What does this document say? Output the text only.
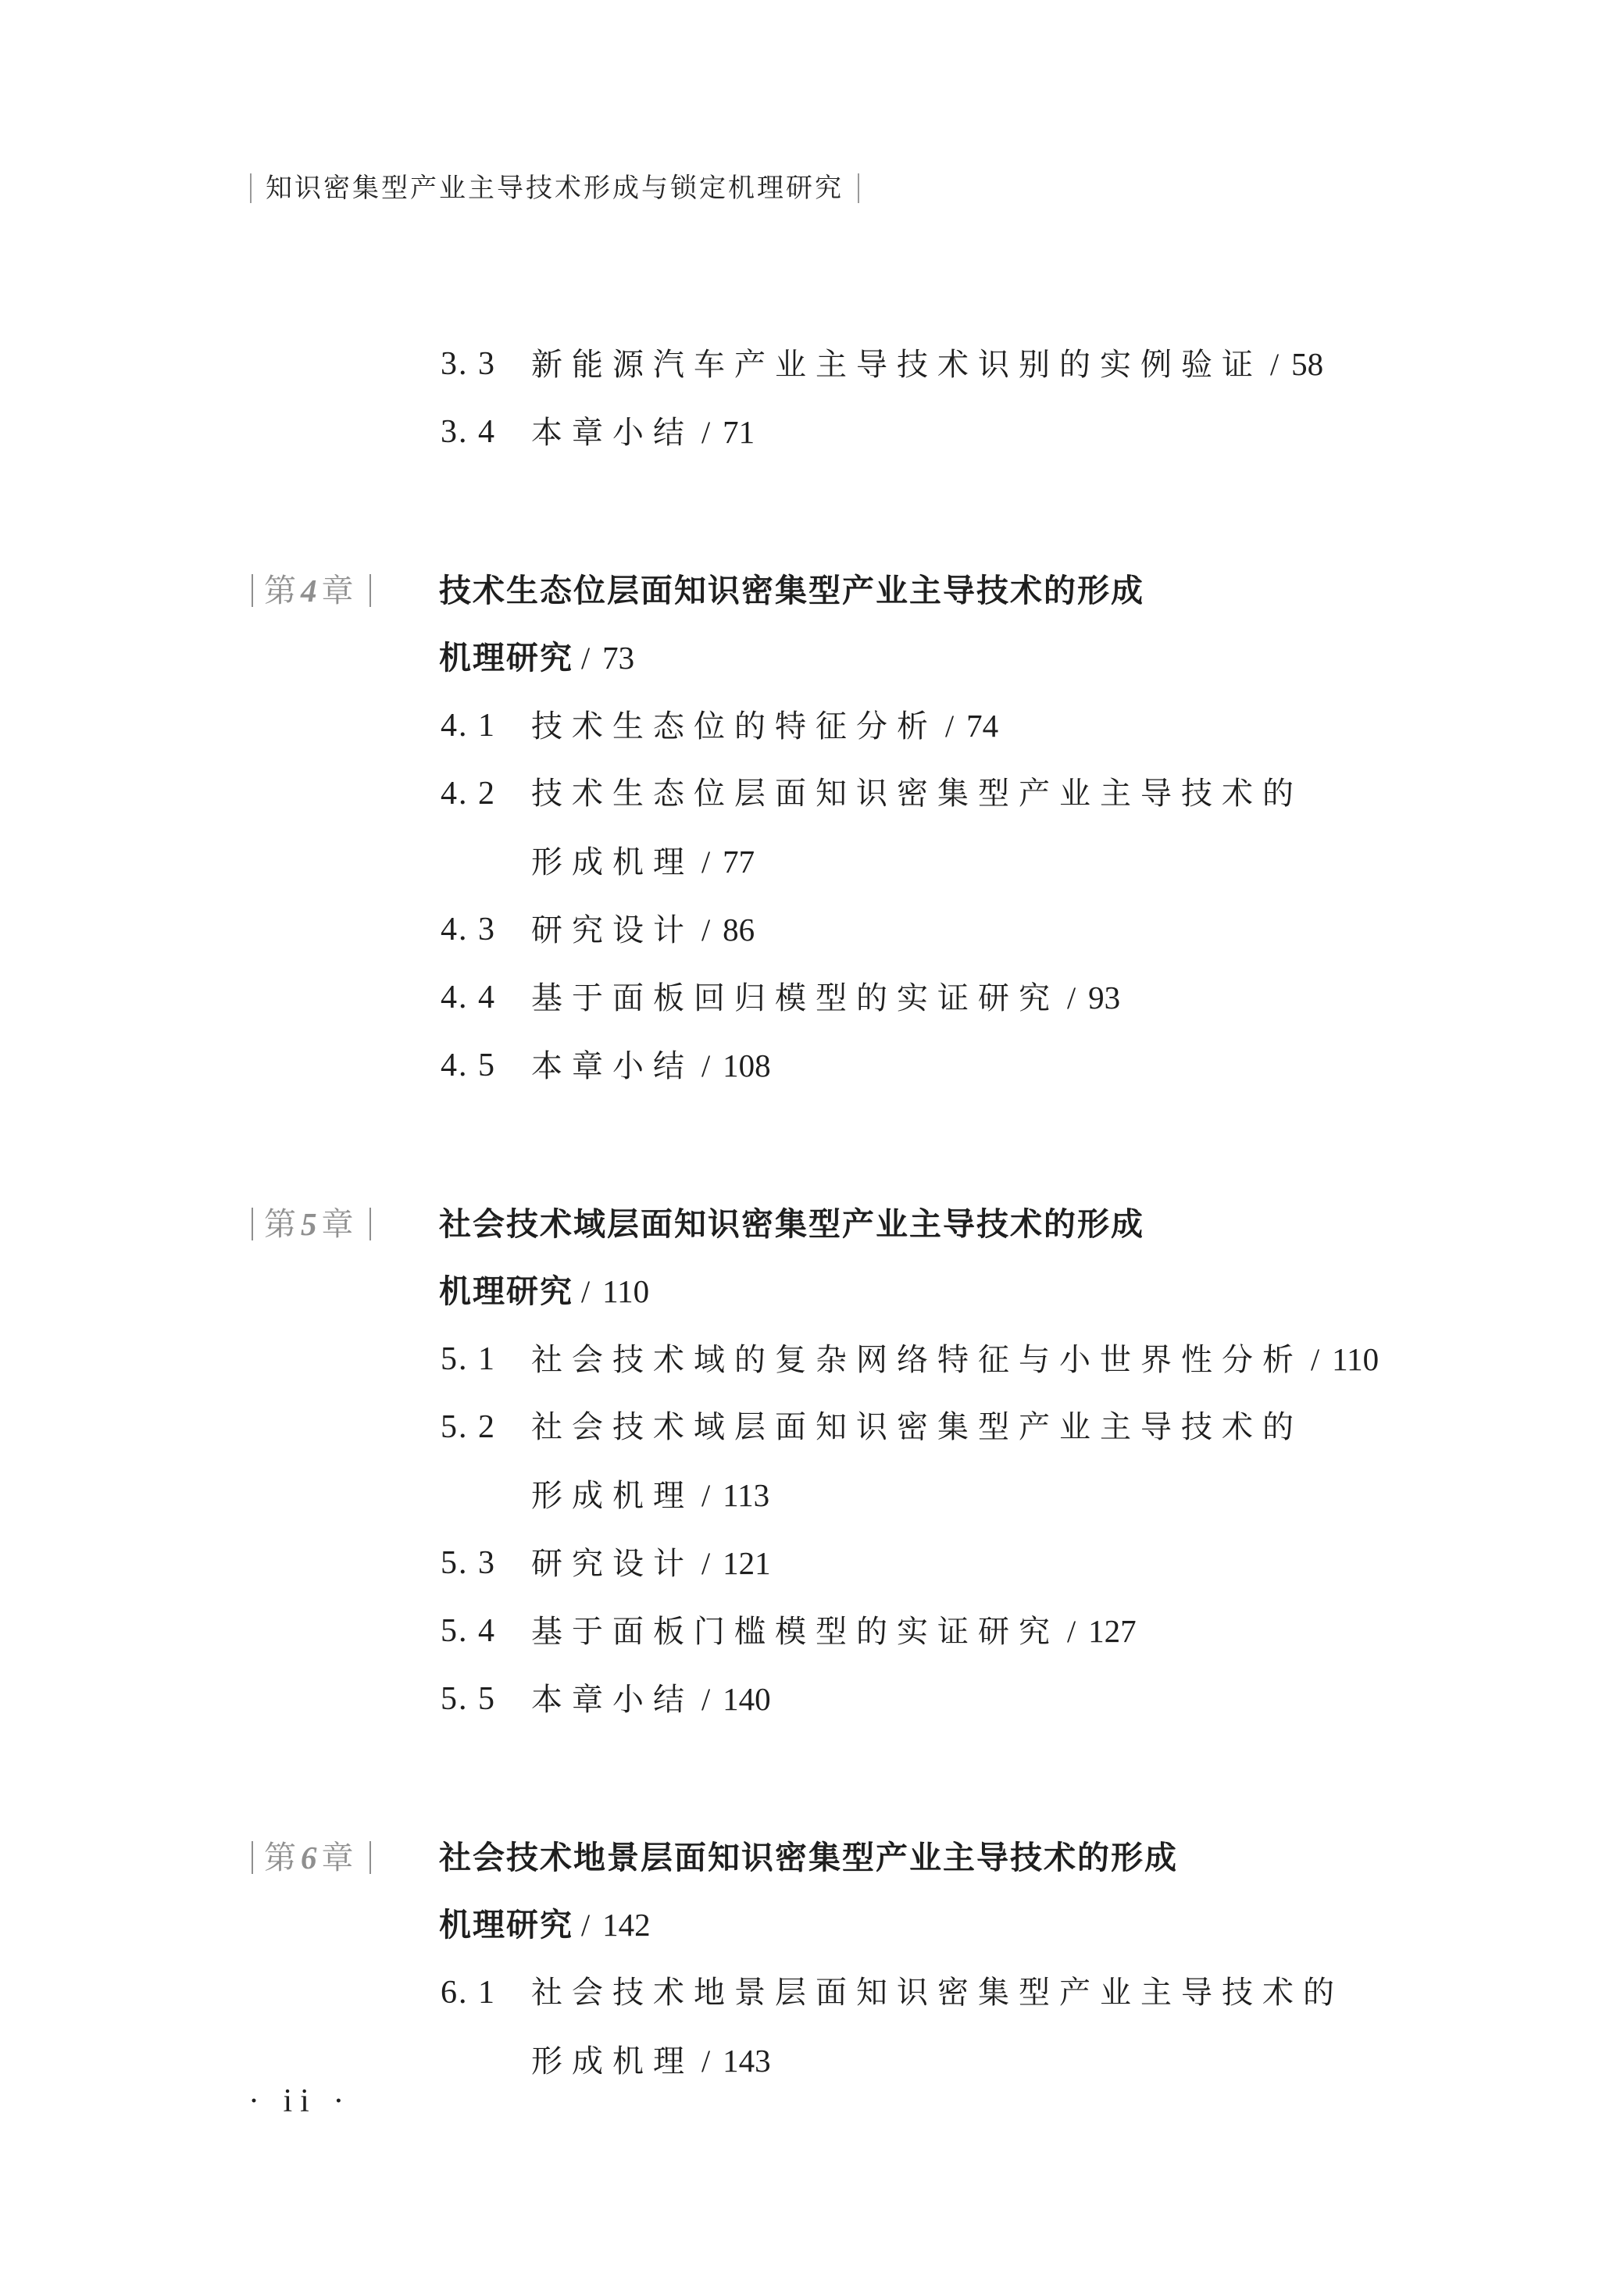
知识密集型产业主导技术形成与锁定机理研究
3. 3 新能源汽车产业主导技术识别的实例验证 / 58
3. 4 本章小结 / 71
第4章	技术生态位层面知识密集型产业主导技术的形成
机理研究 / 73
4. 1 技术生态位的特征分析 / 74
4. 2 技术生态位层面知识密集型产业主导技术的
形成机理 / 77
4. 3 研究设计 / 86
4. 4 基于面板回归模型的实证研究 / 93
4. 5 本章小结 / 108
第5章	社会技术域层面知识密集型产业主导技术的形成
机理研究 / 110
5. 1 社会技术域的复杂网络特征与小世界性分析 / 110
5. 2 社会技术域层面知识密集型产业主导技术的
形成机理 / 113
5. 3 研究设计 / 121
5. 4 基于面板门槛模型的实证研究 / 127
5. 5 本章小结 / 140
第6章	社会技术地景层面知识密集型产业主导技术的形成
机理研究 / 142
6. 1 社会技术地景层面知识密集型产业主导技术的
形成机理 / 143
· ii ·
